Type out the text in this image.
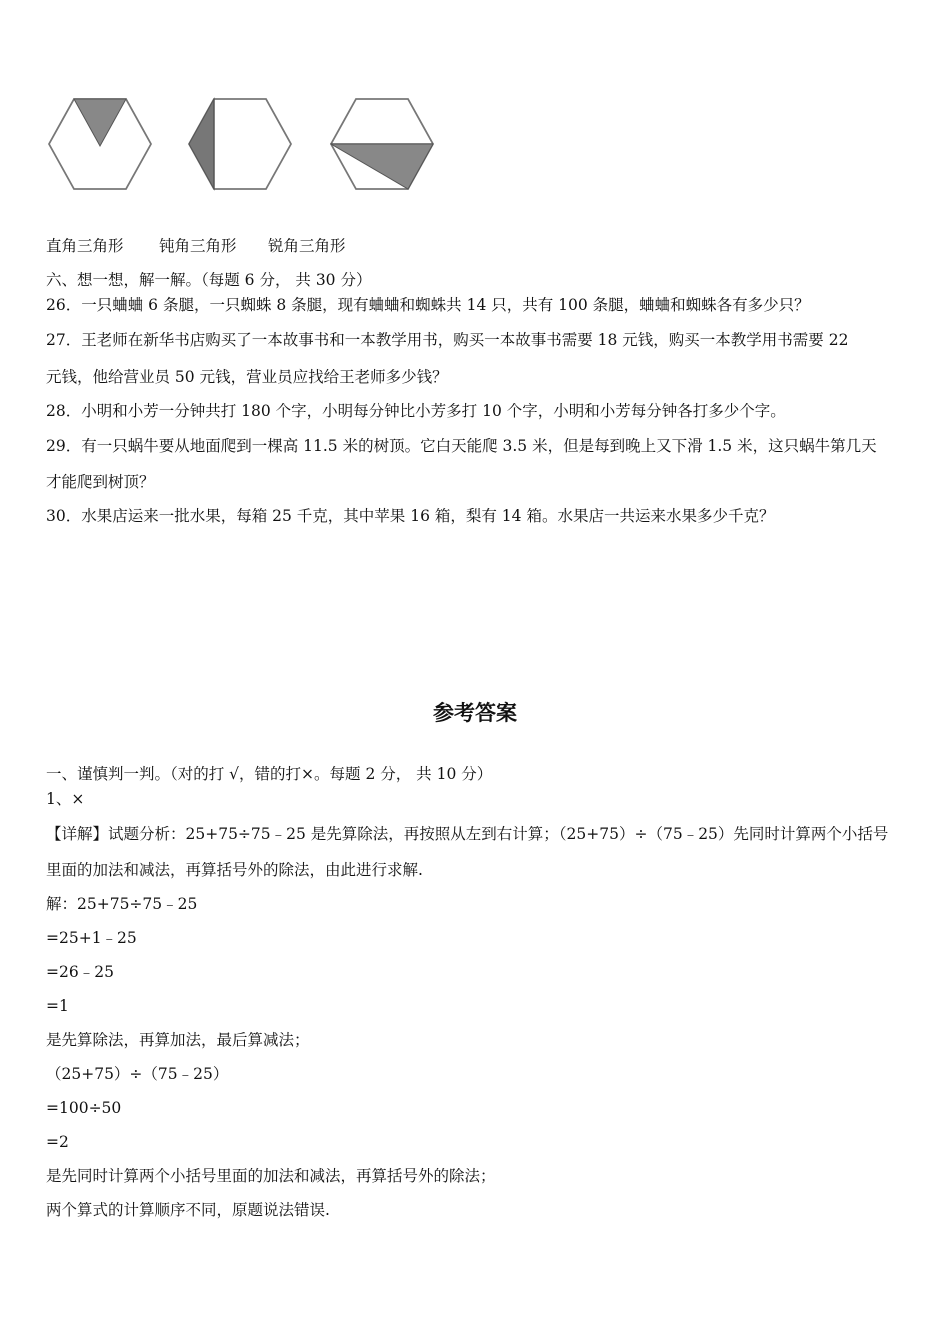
直角三角形 钝角三角形 锐角三角形
六、想一想，解一解。（每题 6 分， 共 30 分）
26．一只蛐蛐 6 条腿，一只蜘蛛 8 条腿，现有蛐蛐和蜘蛛共 14 只，共有 100 条腿，蛐蛐和蜘蛛各有多少只？
27．王老师在新华书店购买了一本故事书和一本教学用书，购买一本故事书需要 18 元钱，购买一本教学用书需要 22
元钱，他给营业员 50 元钱，营业员应找给王老师多少钱？
28．小明和小芳一分钟共打 180 个字，小明每分钟比小芳多打 10 个字，小明和小芳每分钟各打多少个字。
29．有一只蜗牛要从地面爬到一棵高 11.5 米的树顶。它白天能爬 3.5 米，但是每到晚上又下滑 1.5 米，这只蜗牛第几天
才能爬到树顶？
30．水果店运来一批水果，每箱 25 千克，其中苹果 16 箱，梨有 14 箱。水果店一共运来水果多少千克？
参考答案
一、谨慎判一判。（对的打 √，错的打×。每题 2 分， 共 10 分）
1、×
【详解】试题分析：25+75÷75﹣25 是先算除法，再按照从左到右计算；（25+75）÷（75﹣25）先同时计算两个小括号
里面的加法和减法，再算括号外的除法，由此进行求解.
解：25+75÷75﹣25
=25+1﹣25
=26﹣25
=1
是先算除法，再算加法，最后算减法；
（25+75）÷（75﹣25）
=100÷50
=2
是先同时计算两个小括号里面的加法和减法，再算括号外的除法；
两个算式的计算顺序不同，原题说法错误.
